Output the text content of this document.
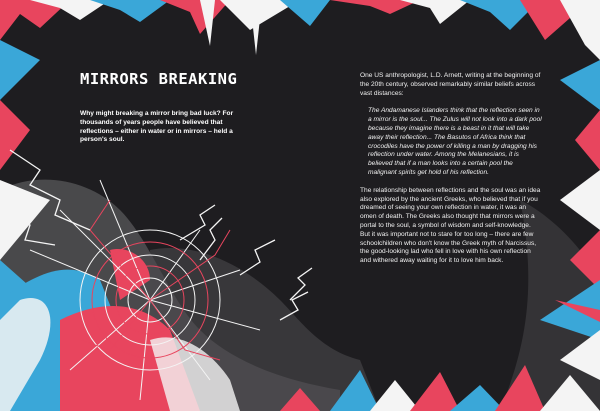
MIRRORS BREAKING

Why might breaking a mirror bring bad luck? For thousands of years people have believed that reflections – either in water or in mirrors – held a person's soul.

One US anthropologist, L.D. Arnett, writing at the beginning of the 20th century, observed remarkably similar beliefs across vast distances:

The Andamanese Islanders think that the reflection seen in a mirror is the soul... The Zulus will not look into a dark pool because they imagine there is a beast in it that will take away their reflection... The Basutos of Africa think that crocodiles have the power of killing a man by dragging his reflection under water. Among the Melanesians, it is believed that if a man looks into a certain pool the malignant spirits get hold of his reflection.

The relationship between reflections and the soul was an idea also explored by the ancient Greeks, who believed that if you dreamed of seeing your own reflection in water, it was an omen of death. The Greeks also thought that mirrors were a portal to the soul, a symbol of wisdom and self-knowledge. But it was important not to stare for too long – there are few schoolchildren who don't know the Greek myth of Narcissus, the good-looking lad who fell in love with his own reflection and withered away waiting for it to love him back.
